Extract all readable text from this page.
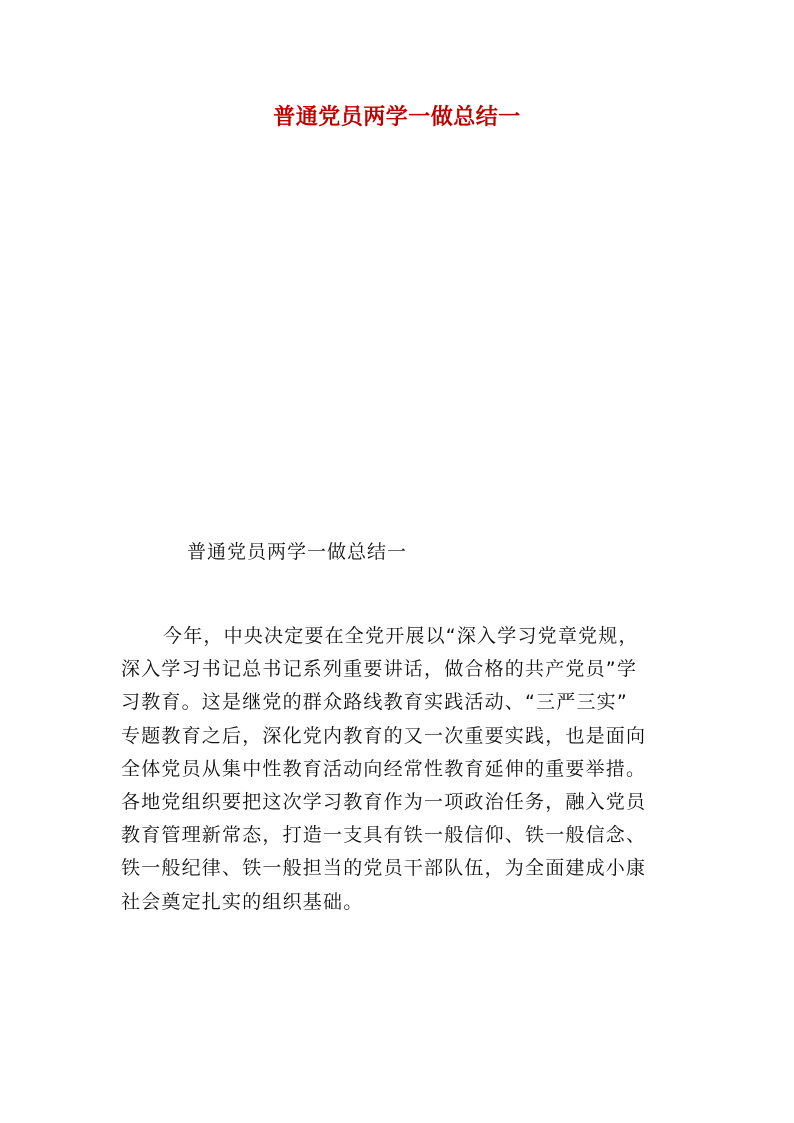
普通党员两学一做总结一
普通党员两学一做总结一
今年，中央决定要在全党开展以“深入学习党章党规，
深入学习书记总书记系列重要讲话，做合格的共产党员”学
习教育。这是继党的群众路线教育实践活动、“三严三实”
专题教育之后，深化党内教育的又一次重要实践，也是面向
全体党员从集中性教育活动向经常性教育延伸的重要举措。
各地党组织要把这次学习教育作为一项政治任务，融入党员
教育管理新常态，打造一支具有铁一般信仰、铁一般信念、
铁一般纪律、铁一般担当的党员干部队伍，为全面建成小康
社会奠定扎实的组织基础。
